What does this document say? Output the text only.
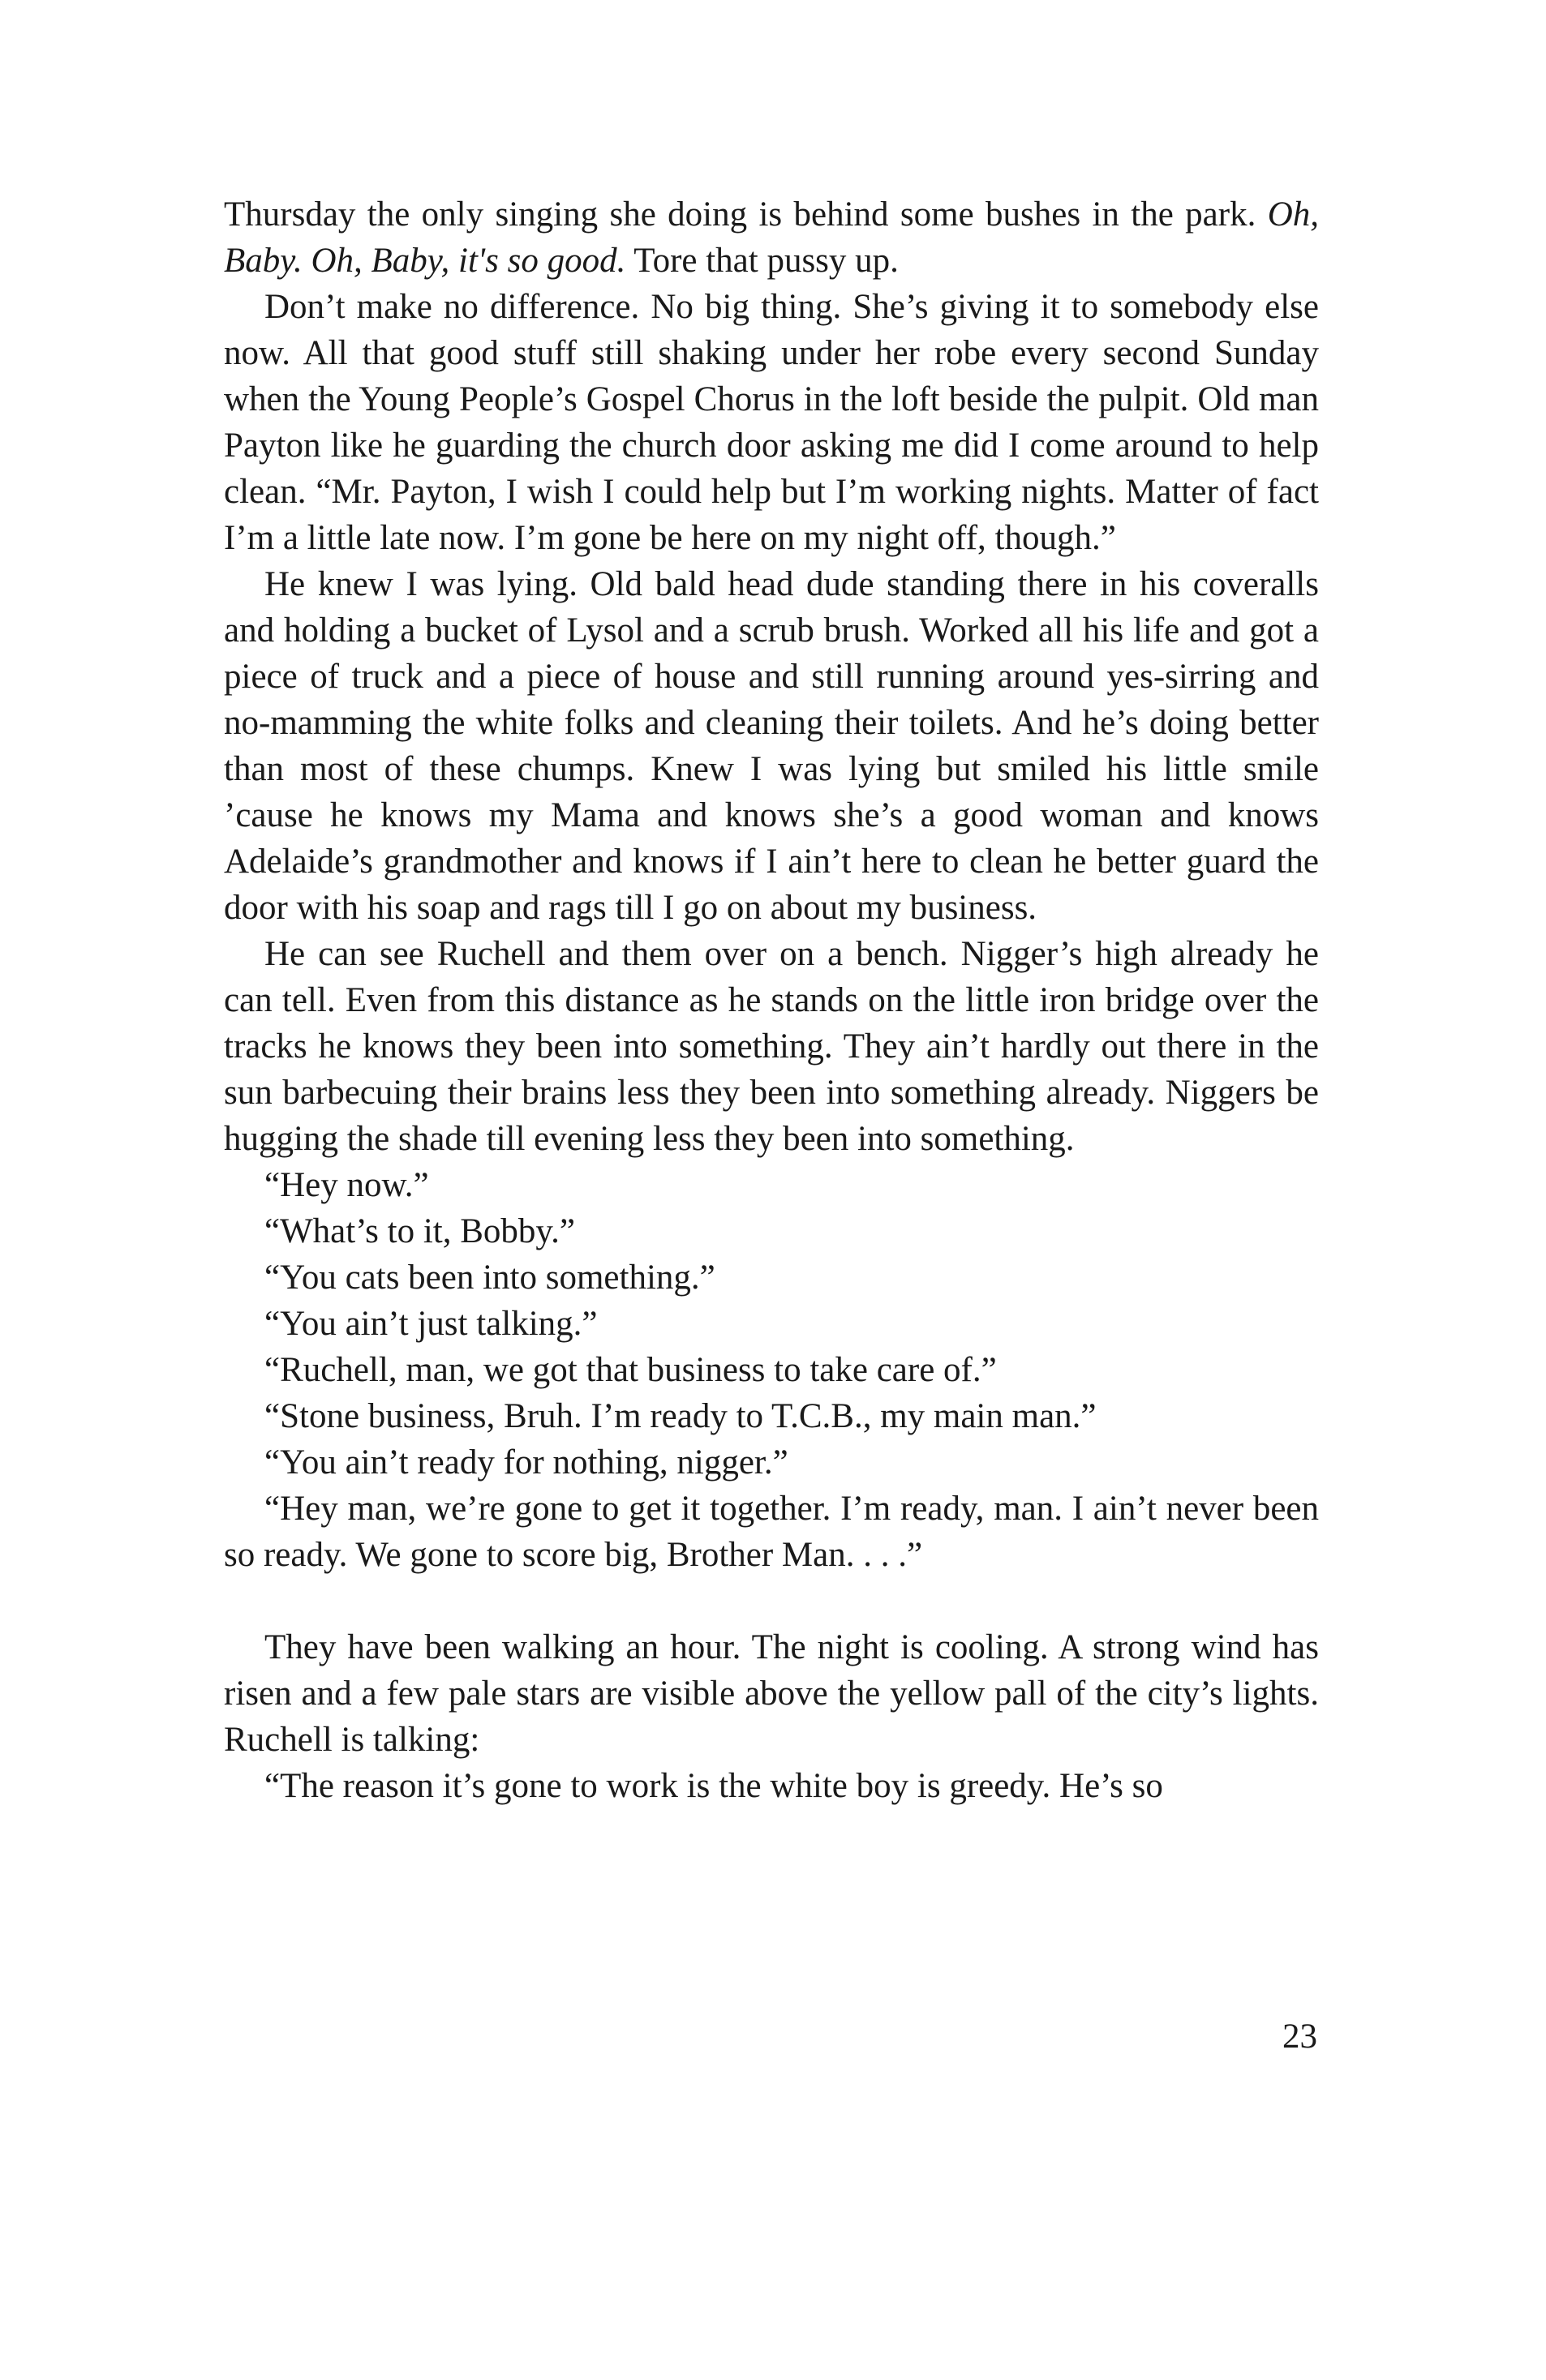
Thursday the only singing she doing is behind some bushes in the park. Oh, Baby. Oh, Baby, it's so good. Tore that pussy up.

Don’t make no difference. No big thing. She’s giving it to somebody else now. All that good stuff still shaking under her robe every second Sunday when the Young People’s Gospel Chorus in the loft beside the pulpit. Old man Payton like he guarding the church door asking me did I come around to help clean. “Mr. Payton, I wish I could help but I’m working nights. Matter of fact I’m a little late now. I’m gone be here on my night off, though.”

He knew I was lying. Old bald head dude standing there in his coveralls and holding a bucket of Lysol and a scrub brush. Worked all his life and got a piece of truck and a piece of house and still running around yes-sirring and no-mamming the white folks and cleaning their toilets. And he’s doing better than most of these chumps. Knew I was lying but smiled his little smile ’cause he knows my Mama and knows she’s a good woman and knows Adelaide’s grandmother and knows if I ain’t here to clean he better guard the door with his soap and rags till I go on about my business.

He can see Ruchell and them over on a bench. Nigger’s high already he can tell. Even from this distance as he stands on the little iron bridge over the tracks he knows they been into something. They ain’t hardly out there in the sun barbecuing their brains less they been into something already. Niggers be hugging the shade till evening less they been into something.

“Hey now.”

“What’s to it, Bobby.”

“You cats been into something.”

“You ain’t just talking.”

“Ruchell, man, we got that business to take care of.”

“Stone business, Bruh. I’m ready to T.C.B., my main man.”

“You ain’t ready for nothing, nigger.”

“Hey man, we’re gone to get it together. I’m ready, man. I ain’t never been so ready. We gone to score big, Brother Man. . . .”

They have been walking an hour. The night is cooling. A strong wind has risen and a few pale stars are visible above the yellow pall of the city’s lights. Ruchell is talking:

“The reason it’s gone to work is the white boy is greedy. He’s so

23
